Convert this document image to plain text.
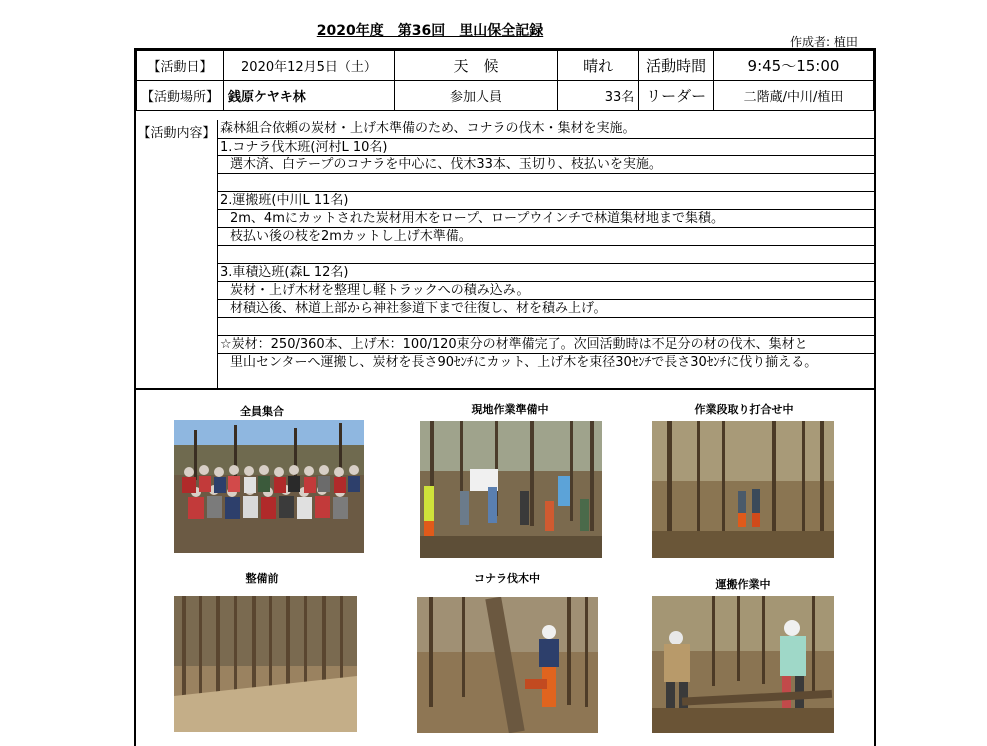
2020年度　第36回　里山保全記録
作成者: 植田
【活動日】	2020年12月5日（土）	天　候	晴れ	活動時間	9:45～15:00
【活動場所】	銭原ケヤキ林	参加人員	33名	リーダー	二階蔵/中川/植田
【活動内容】 森林組合依頼の炭材・上げ木準備のため、コナラの伐木・集材を実施。
1.コナラ伐木班(河村L 10名)
選木済、白テープのコナラを中心に、伐木33本、玉切り、枝払いを実施。
2.運搬班(中川L 11名)
2m、4mにカットされた炭材用木をロープ、ロープウインチで林道集材地まで集積。
枝払い後の枝を2mカットし上げ木準備。
3.車積込班(森L 12名)
炭材・上げ木材を整理し軽トラックへの積み込み。
材積込後、林道上部から神社参道下まで往復し、材を積み上げ。
☆炭材：250/360本、上げ木：100/120束分の材準備完了。次回活動時は不足分の材の伐木、集材と
里山センターへ運搬し、炭材を長さ90ｾﾝﾁにカット、上げ木を束径30ｾﾝﾁで長さ30ｾﾝﾁに伐り揃える。
全員集合	現地作業準備中	作業段取り打合せ中
整備前	コナラ伐木中	運搬作業中
